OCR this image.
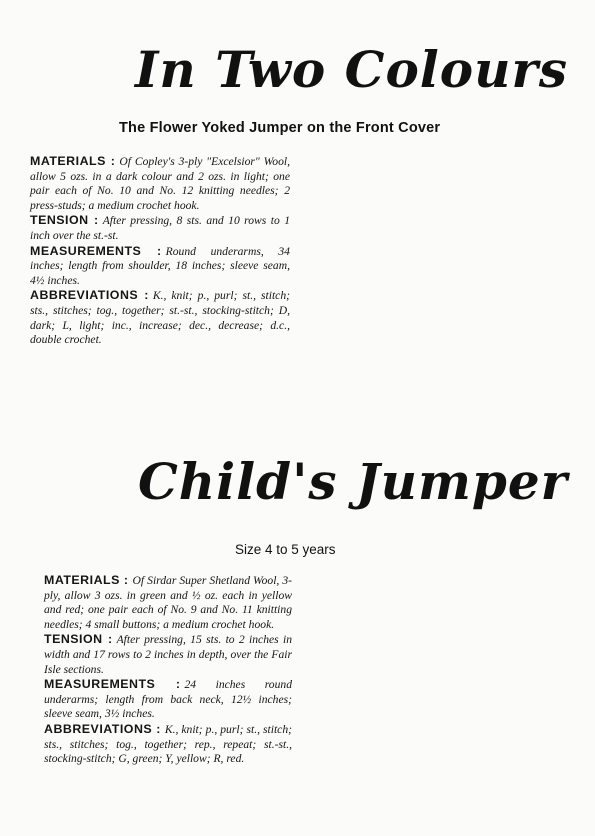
In Two Colours
The Flower Yoked Jumper on the Front Cover

MATERIALS : Of Copley's 3-ply "Excelsior" Wool, allow 5 ozs. in a dark colour and 2 ozs. in light; one pair each of No. 10 and No. 12 knitting needles; 2 press-studs; a medium crochet hook.

TENSION : After pressing, 8 sts. and 10 rows to 1 inch over the st.-st.

MEASUREMENTS : Round underarms, 34 inches; length from shoulder, 18 inches; sleeve seam, 4½ inches.

ABBREVIATIONS : K., knit; p., purl; st., stitch; sts., stitches; tog., together; st.-st., stocking-stitch; D, dark; L, light; inc., increase; dec., decrease; d.c., double crochet.

Child's Jumper
Size 4 to 5 years

MATERIALS : Of Sirdar Super Shetland Wool, 3-ply, allow 3 ozs. in green and ½ oz. each in yellow and red; one pair each of No. 9 and No. 11 knitting needles; 4 small buttons; a medium crochet hook.

TENSION : After pressing, 15 sts. to 2 inches in width and 17 rows to 2 inches in depth, over the Fair Isle sections.

MEASUREMENTS : 24 inches round underarms; length from back neck, 12½ inches; sleeve seam, 3½ inches.

ABBREVIATIONS : K., knit; p., purl; st., stitch; sts., stitches; tog., together; rep., repeat; st.-st., stocking-stitch; G, green; Y, yellow; R, red.
